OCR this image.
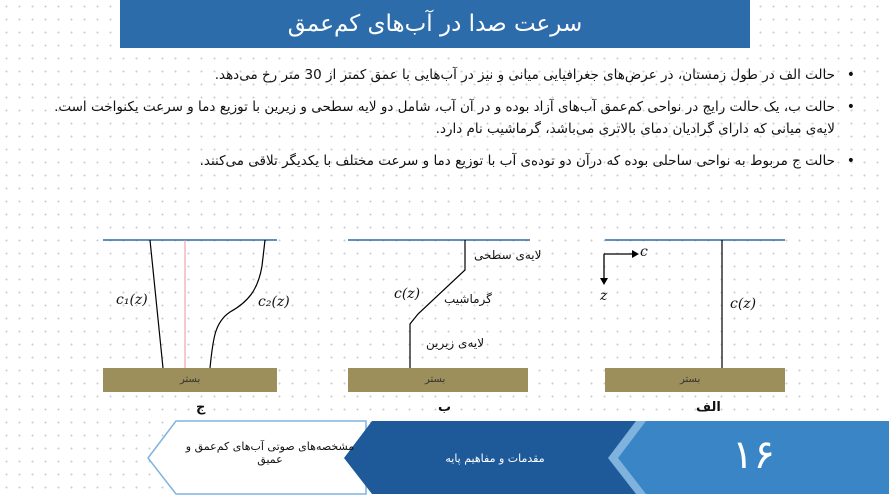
سرعت صدا در آب‌های کم‌عمق
•
حالت الف در طول زمستان، در عرض‌های جغرافیایی میانی و نیز در آب‌هایی با عمق کمتر از 30 متر رخ می‌دهد.
•
حالت ب، یک حالت رایج در نواحی کم‌عمق آب‌های آزاد بوده و در آن آب، شامل دو لایه سطحی و زیرین با توزیع دما و سرعت یکنواخت است. لایه‌ی میانی که دارای گرادیان دمای بالاتری می‌باشد، گرماشیب نام دارد.
•
حالت ج مربوط به نواحی ساحلی بوده که درآن دو توده‌ی آب با توزیع دما و سرعت مختلف با یکدیگر تلاقی می‌کنند.
c₁(z)	c₂(z)
بستر
ج
لایه‌ی سطحی
c(z) گرماشیب
لایه‌ی زیرین
بستر
ب
c
z	c(z)
بستر
الف
مشخصه‌های صوتی آب‌های کم‌عمق و عمیق	مقدمات و مفاهیم پایه	۱۶
